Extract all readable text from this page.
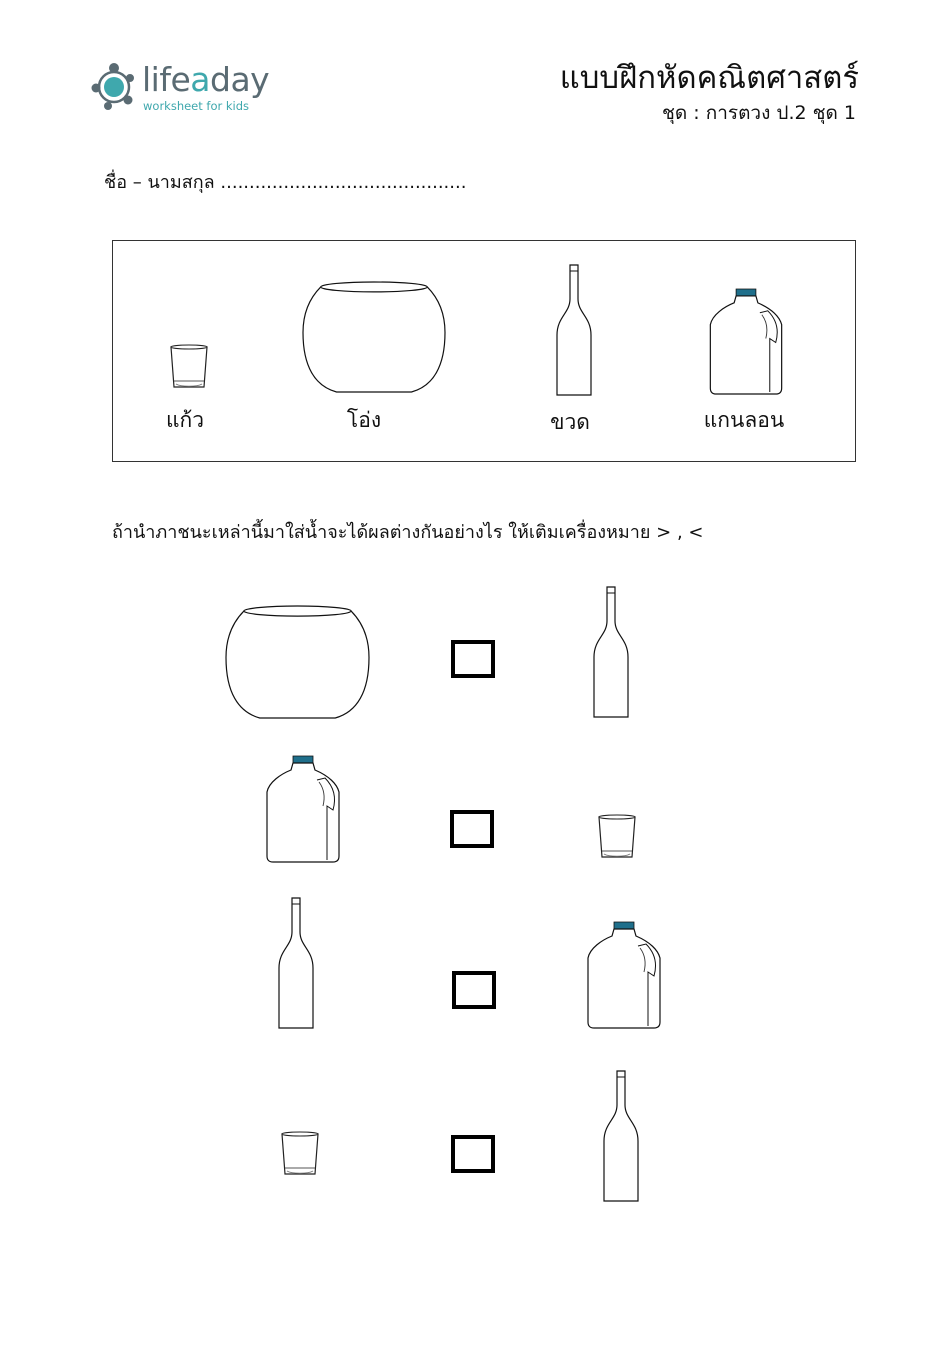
lifeaday
worksheet for kids
แบบฝึกหัดคณิตศาสตร์
ชุด : การตวง ป.2 ชุด 1
ชื่อ – นามสกุล ...........................................
แก้ว	โอ่ง	ขวด	แกนลอน
ถ้านำภาชนะเหล่านี้มาใส่น้ำจะได้ผลต่างกันอย่างไร ให้เติมเครื่องหมาย > , <
